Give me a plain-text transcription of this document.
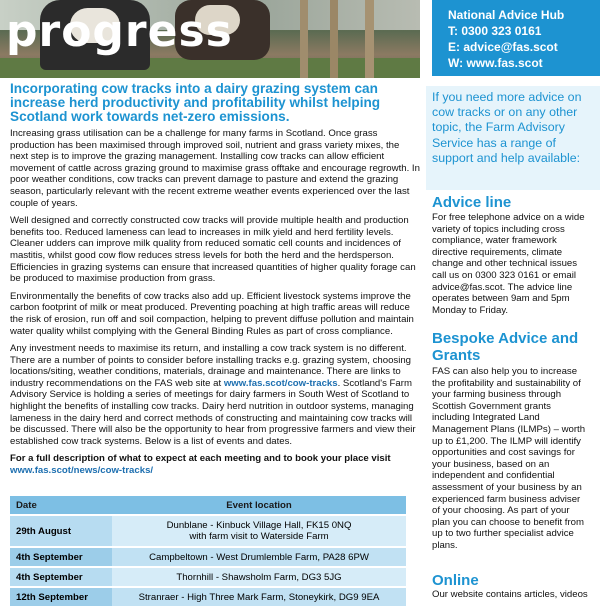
progress	National Advice Hub
T: 0300 323 0161
E: advice@fas.scot
W: www.fas.scot

Incorporating cow tracks into a dairy grazing system can increase herd productivity and profitability whilst helping Scotland work towards net-zero emissions.

Increasing grass utilisation can be a challenge for many farms in Scotland. Once grass production has been maximised through improved soil, nutrient and grass variety mixes, the next step is to improve the grazing management. Installing cow tracks can allow efficient movement of cattle across grazing ground to maximise grass offtake and encourage regrowth. In poor weather conditions, cow tracks can prevent damage to pasture and extend the grazing season, particularly relevant with the recent extreme weather events experienced over the last couple of years.

Well designed and correctly constructed cow tracks will provide multiple health and production benefits too. Reduced lameness can lead to increases in milk yield and herd fertility levels. Cleaner udders can improve milk quality from reduced somatic cell counts and incidences of mastitis, whilst good cow flow reduces stress levels for both the herd and the herdsperson. Efficiencies in grazing systems can ensure that increased quantities of higher quality forage can be produced to maximise production from grass.

Environmentally the benefits of cow tracks also add up. Efficient livestock systems improve the carbon footprint of milk or meat produced. Preventing poaching at high traffic areas will reduce the risk of erosion, run off and soil compaction, helping to prevent diffuse pollution and maintain water quality whilst complying with the General Binding Rules as part of cross compliance.

Any investment needs to maximise its return, and installing a cow track system is no different. There are a number of points to consider before installing tracks e.g. grazing system, choosing locations/siting, weather conditions, materials, drainage and maintenance. There are links to industry recommendations on the FAS web site at www.fas.scot/cow-tracks. Scotland's Farm Advisory Service is holding a series of meetings for dairy farmers in South West of Scotland to highlight the benefits of installing cow tracks. Dairy herd nutrition in outdoor systems, managing lameness in the dairy herd and correct methods of constructing and maintaining cow tracks will be discussed. There will also be the opportunity to hear from progressive farmers and view their established cow track systems. Below is a list of events and dates.

For a full description of what to expect at each meeting and to book your place visit

www.fas.scot/news/cow-tracks/

Date	Event location
29th August	Dunblane - Kinbuck Village Hall, FK15 0NQ
with farm visit to Waterside Farm

4th September	Campbeltown - West Drumlemble Farm, PA28 6PW
4th September	Thornhill - Shawsholm Farm, DG3 5JG
12th September	Stranraer - High Three Mark Farm, Stoneykirk, DG9 9EA
If you need more advice on cow tracks or on any other topic, the Farm Advisory Service has a range of support and help available:
Advice line
For free telephone advice on a wide variety of topics including cross compliance, water framework directive requirements, climate change and other technical issues call us on 0300 323 0161 or email advice@fas.scot. The advice line operates between 9am and 5pm Monday to Friday.
Bespoke Advice and Grants
FAS can also help you to increase the profitability and sustainability of your farming business through Scottish Government grants including Integrated Land Management Plans (ILMPs) – worth up to £1,200. The ILMP will identify opportunities and cost savings for your business, based on an independent and confidential assessment of your business by an experienced farm business adviser of your choosing. As part of your plan you can choose to benefit from up to two further specialist advice plans.
Online
Our website contains articles, videos
